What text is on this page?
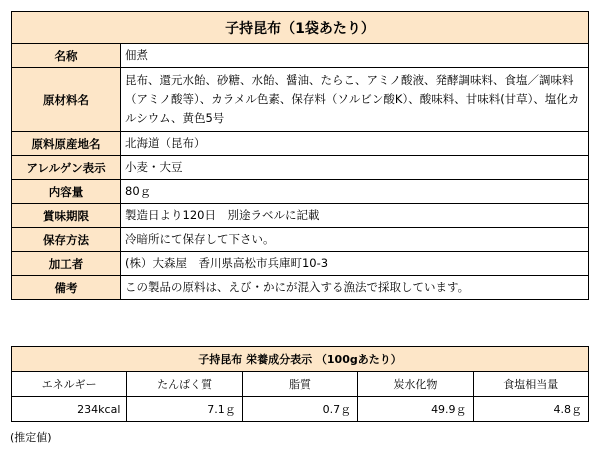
子持昆布（1袋あたり）	
名称	佃煮
原材料名	昆布、還元水飴、砂糖、水飴、醤油、たらこ、アミノ酸液、発酵調味料、食塩／調味料（アミノ酸等）、カラメル色素、保存料（ソルビン酸K）、酸味料、甘味料(甘草）、塩化カルシウム、黄色5号
原料原産地名	北海道（昆布）
アレルゲン表示	小麦・大豆
内容量	80ｇ
賞味期限	製造日より120日　別途ラベルに記載
保存方法	冷暗所にて保存して下さい。
加工者	(株）大森屋　香川県高松市兵庫町10-3
備考	この製品の原料は、えび・かにが混入する漁法で採取しています。
子持昆布 栄養成分表示 （100gあたり）				
エネルギー	たんぱく質	脂質	炭水化物	食塩相当量
234kcal	7.1ｇ	0.7ｇ	49.9ｇ	4.8ｇ
(推定値)
